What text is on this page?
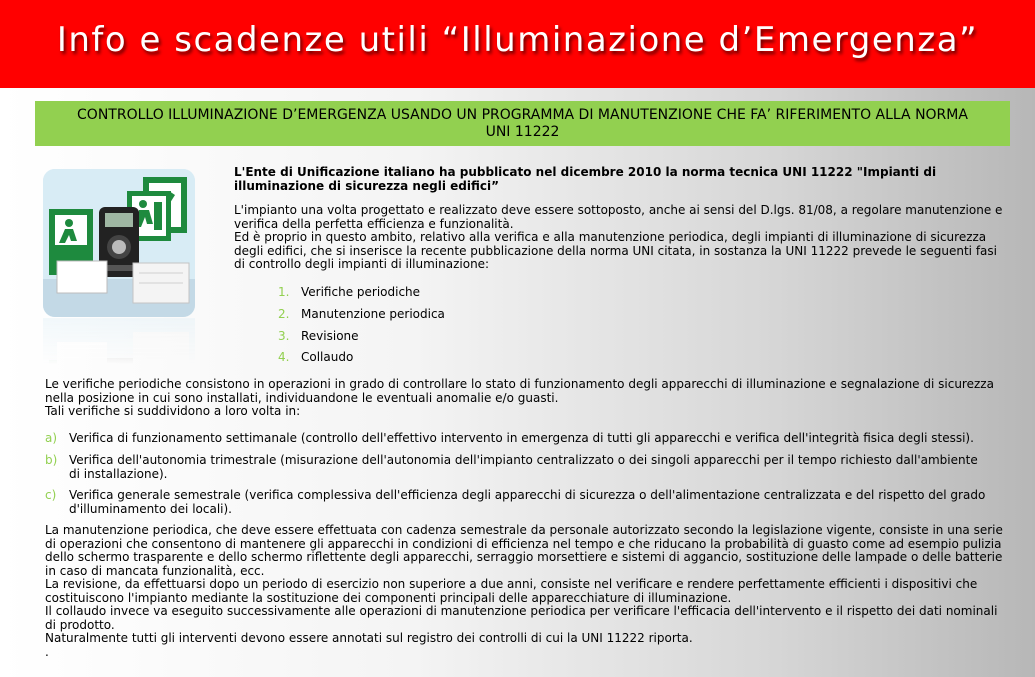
Info e scadenze utili “Illuminazione d’Emergenza”
CONTROLLO ILLUMINAZIONE D’EMERGENZA USANDO UN PROGRAMMA DI MANUTENZIONE CHE FA’ RIFERIMENTO ALLA NORMA UNI 11222
L'Ente di Unificazione italiano ha pubblicato nel dicembre 2010 la norma tecnica UNI 11222 "Impianti di illuminazione di sicurezza negli edifici”
L'impianto una volta progettato e realizzato deve essere sottoposto, anche ai sensi del D.lgs. 81/08, a regolare manutenzione e verifica della perfetta efficienza e funzionalità.
Ed è proprio in questo ambito, relativo alla verifica e alla manutenzione periodica, degli impianti di illuminazione di sicurezza degli edifici, che si inserisce la recente pubblicazione della norma UNI citata, in sostanza la UNI 11222 prevede le seguenti fasi di controllo degli impianti di illuminazione:
1. Verifiche periodiche
2. Manutenzione periodica
3. Revisione
4. Collaudo
Le verifiche periodiche consistono in operazioni in grado di controllare lo stato di funzionamento degli apparecchi di illuminazione e segnalazione di sicurezza nella posizione in cui sono installati, individuandone le eventuali anomalie e/o guasti.
Tali verifiche si suddividono a loro volta in:
a) Verifica di funzionamento settimanale (controllo dell'effettivo intervento in emergenza di tutti gli apparecchi e verifica dell'integrità fisica degli stessi).
b) Verifica dell'autonomia trimestrale (misurazione dell'autonomia dell'impianto centralizzato o dei singoli apparecchi per il tempo richiesto dall'ambiente di installazione).
c)	Verifica generale semestrale (verifica complessiva dell'efficienza degli apparecchi di sicurezza o dell'alimentazione centralizzata e del rispetto del grado d'illuminamento dei locali).
La manutenzione periodica, che deve essere effettuata con cadenza semestrale da personale autorizzato secondo la legislazione vigente, consiste in una serie di operazioni che consentono di mantenere gli apparecchi in condizioni di efficienza nel tempo e che riducano la probabilità di guasto come ad esempio pulizia dello schermo trasparente e dello schermo riflettente degli apparecchi, serraggio morsettiere e sistemi di aggancio, sostituzione delle lampade o delle batterie in caso di mancata funzionalità, ecc.
La revisione, da effettuarsi dopo un periodo di esercizio non superiore a due anni, consiste nel verificare e rendere perfettamente efficienti i dispositivi che costituiscono l'impianto mediante la sostituzione dei componenti principali delle apparecchiature di illuminazione.
Il collaudo invece va eseguito successivamente alle operazioni di manutenzione periodica per verificare l'efficacia dell'intervento e il rispetto dei dati nominali di prodotto.
Naturalmente tutti gli interventi devono essere annotati sul registro dei controlli di cui la UNI 11222 riporta.
.
